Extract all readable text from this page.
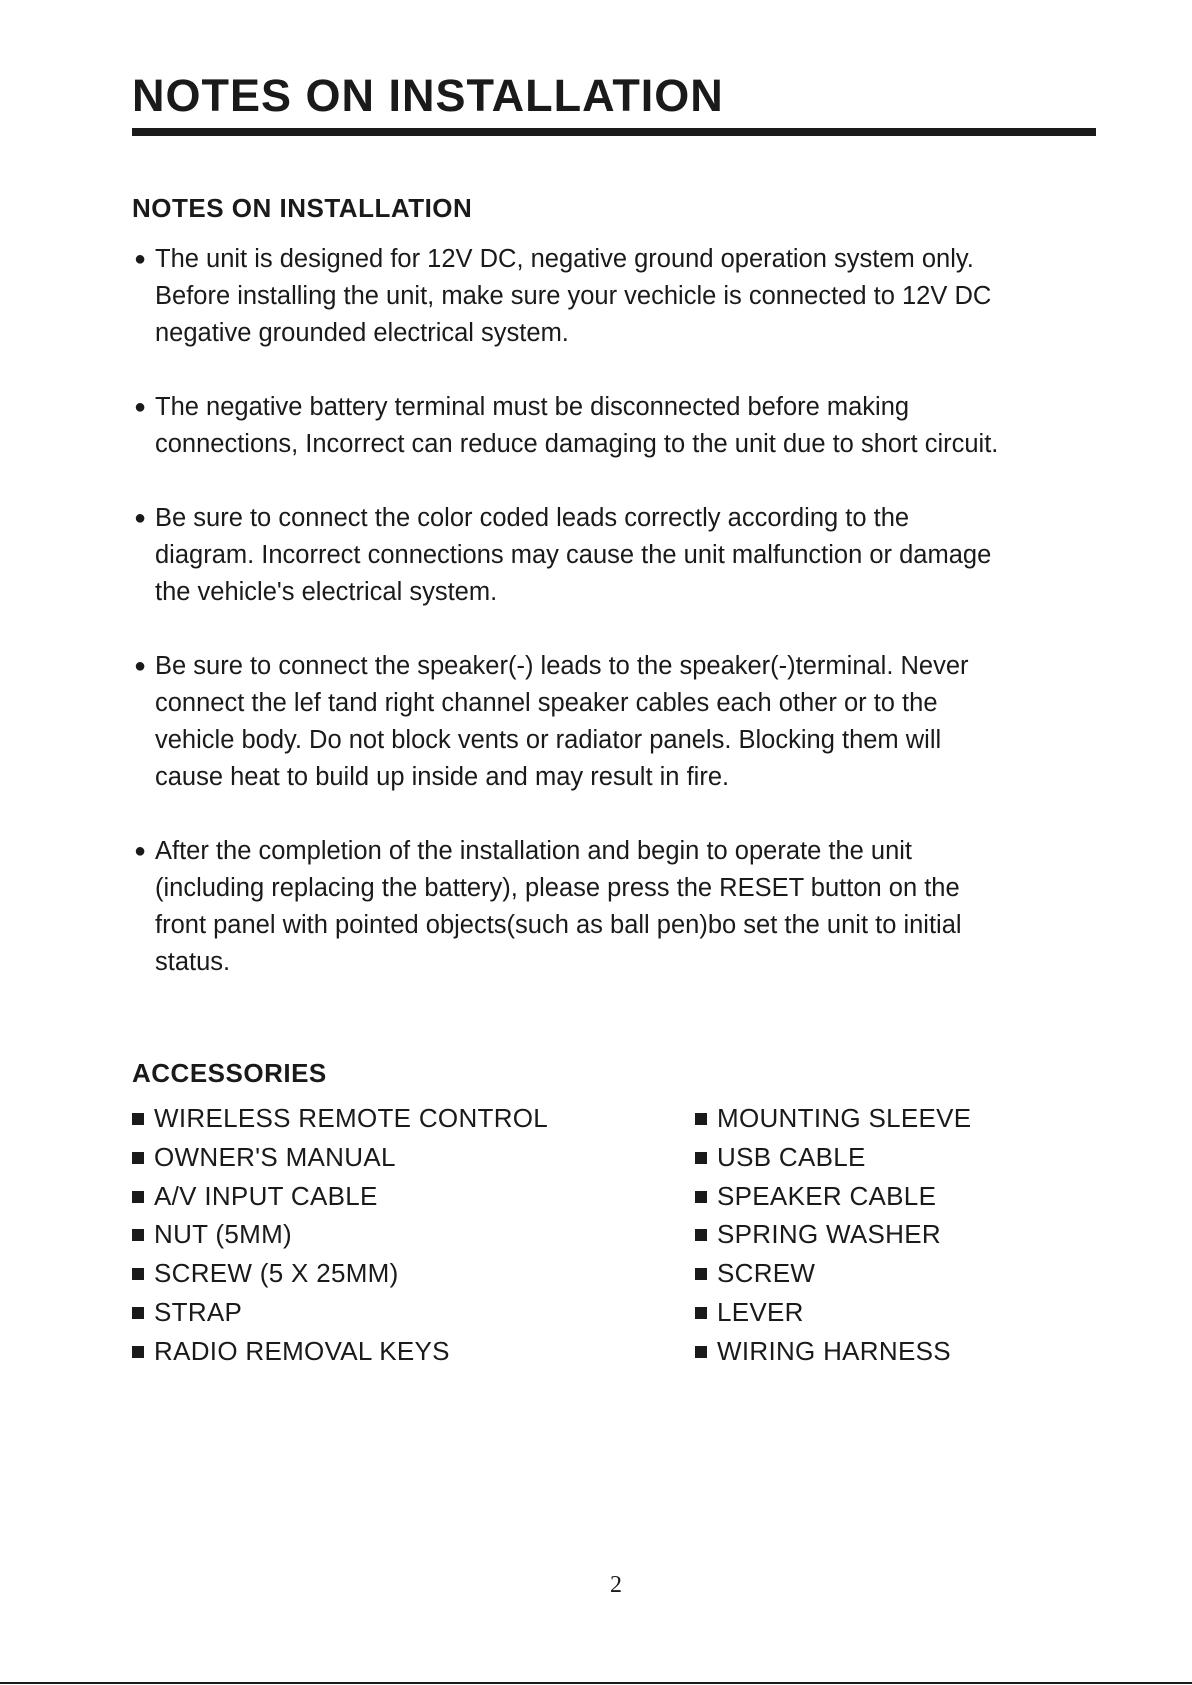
NOTES ON INSTALLATION
NOTES ON INSTALLATION
● The unit is designed for 12V DC, negative ground operation system only.
Before installing the unit, make sure your vechicle is connected to 12V DC
negative grounded electrical system.
● The negative battery terminal must be disconnected before making
connections, Incorrect can reduce damaging to the unit due to short circuit.
● Be sure to connect the color coded leads correctly according to the
diagram. Incorrect connections may cause the unit malfunction or damage
the vehicle's electrical system.
● Be sure to connect the speaker(-) leads to the speaker(-)terminal. Never
connect the lef tand right channel speaker cables each other or to the
vehicle body. Do not block vents or radiator panels. Blocking them will
cause heat to build up inside and may result in fire.
● After the completion of the installation and begin to operate the unit
(including replacing the battery), please press the RESET button on the
front panel with pointed objects(such as ball pen)bo set the unit to initial
status.
ACCESSORIES
WIRELESS REMOTE CONTROL
OWNER'S MANUAL
A/V INPUT CABLE
NUT (5MM)
SCREW (5 X 25MM)
STRAP
RADIO REMOVAL KEYS
MOUNTING SLEEVE
USB CABLE
SPEAKER CABLE
SPRING WASHER
SCREW
LEVER
WIRING HARNESS
2
